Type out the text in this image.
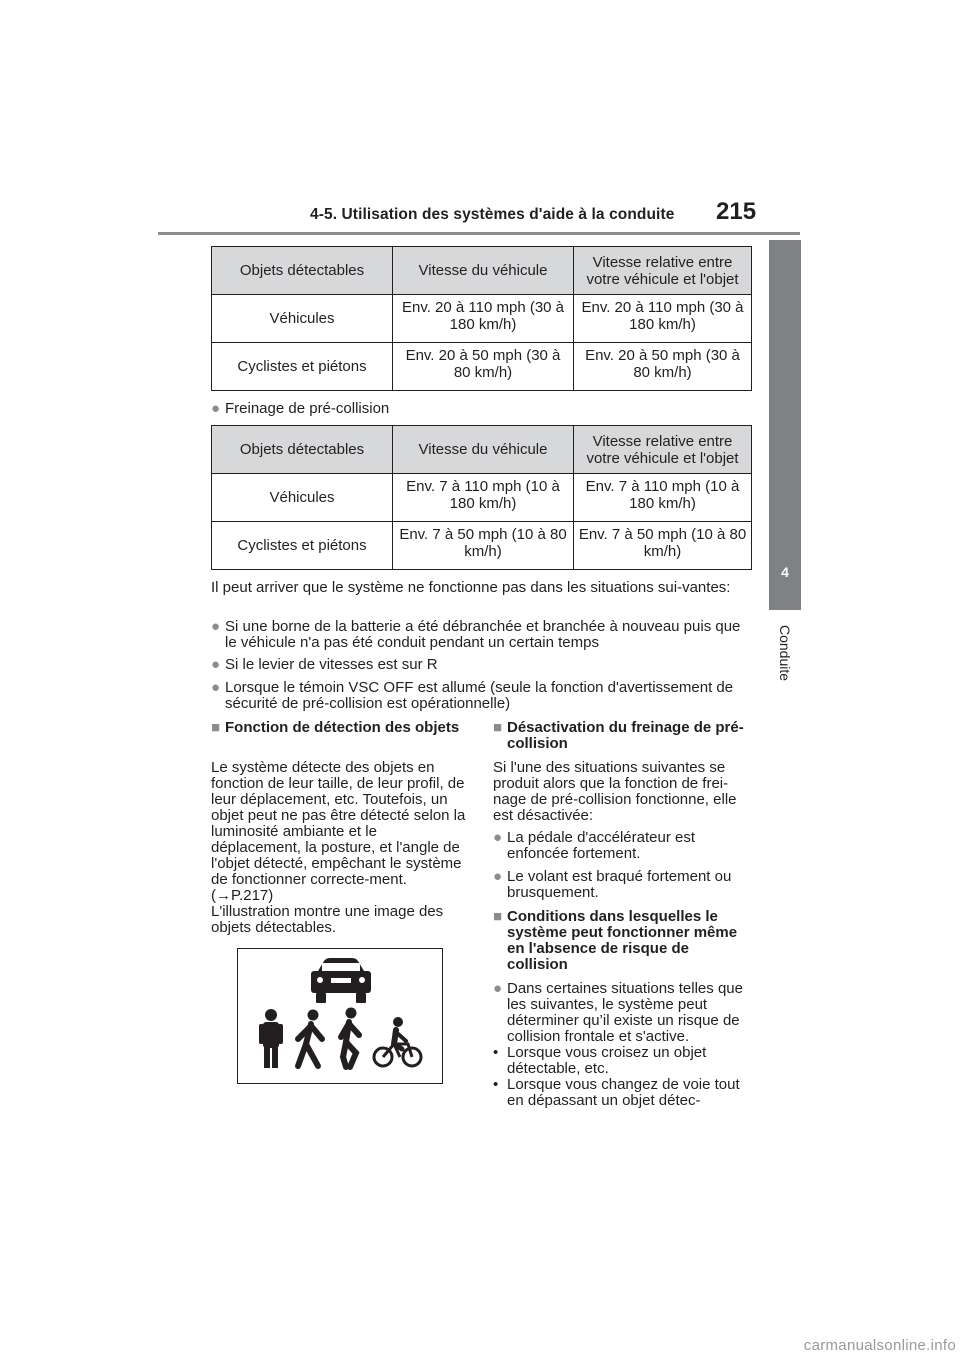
4-5. Utilisation des systèmes d'aide à la conduite	215
4
Conduite
Objets détectables	Vitesse du véhicule	Vitesse relative entre votre véhicule et l'objet
Véhicules	Env. 20 à 110 mph (30 à 180 km/h)	Env. 20 à 110 mph (30 à 180 km/h)
Cyclistes et piétons	Env. 20 à 50 mph (30 à 80 km/h)	Env. 20 à 50 mph (30 à 80 km/h)
● Freinage de pré-collision
Objets détectables	Vitesse du véhicule	Vitesse relative entre votre véhicule et l'objet
Véhicules	Env. 7 à 110 mph (10 à 180 km/h)	Env. 7 à 110 mph (10 à 180 km/h)
Cyclistes et piétons	Env. 7 à 50 mph (10 à 80 km/h)	Env. 7 à 50 mph (10 à 80 km/h)
Il peut arriver que le système ne fonctionne pas dans les situations sui-vantes:
● Si une borne de la batterie a été débranchée et branchée à nouveau puis que le véhicule n'a pas été conduit pendant un certain temps
● Si le levier de vitesses est sur R
● Lorsque le témoin VSC OFF est allumé (seule la fonction d'avertissement de sécurité de pré-collision est opérationnelle)
■ Fonction de détection des objets
Le système détecte des objets en fonction de leur taille, de leur profil, de leur déplacement, etc. Toutefois, un objet peut ne pas être détecté selon la luminosité ambiante et le déplacement, la posture, et l'angle de l'objet détecté, empêchant le système de fonctionner correcte-ment. (→P.217)
L'illustration montre une image des objets détectables.
■ Désactivation du freinage de pré-collision
Si l'une des situations suivantes se produit alors que la fonction de frei-nage de pré-collision fonctionne, elle est désactivée:
● La pédale d'accélérateur est enfoncée fortement.
● Le volant est braqué fortement ou brusquement.
■ Conditions dans lesquelles le système peut fonctionner même en l'absence de risque de collision
● Dans certaines situations telles que les suivantes, le système peut déterminer qu’il existe un risque de collision frontale et s'active.
• Lorsque vous croisez un objet détectable, etc.
• Lorsque vous changez de voie tout en dépassant un objet détec-
carmanualsonline.info
